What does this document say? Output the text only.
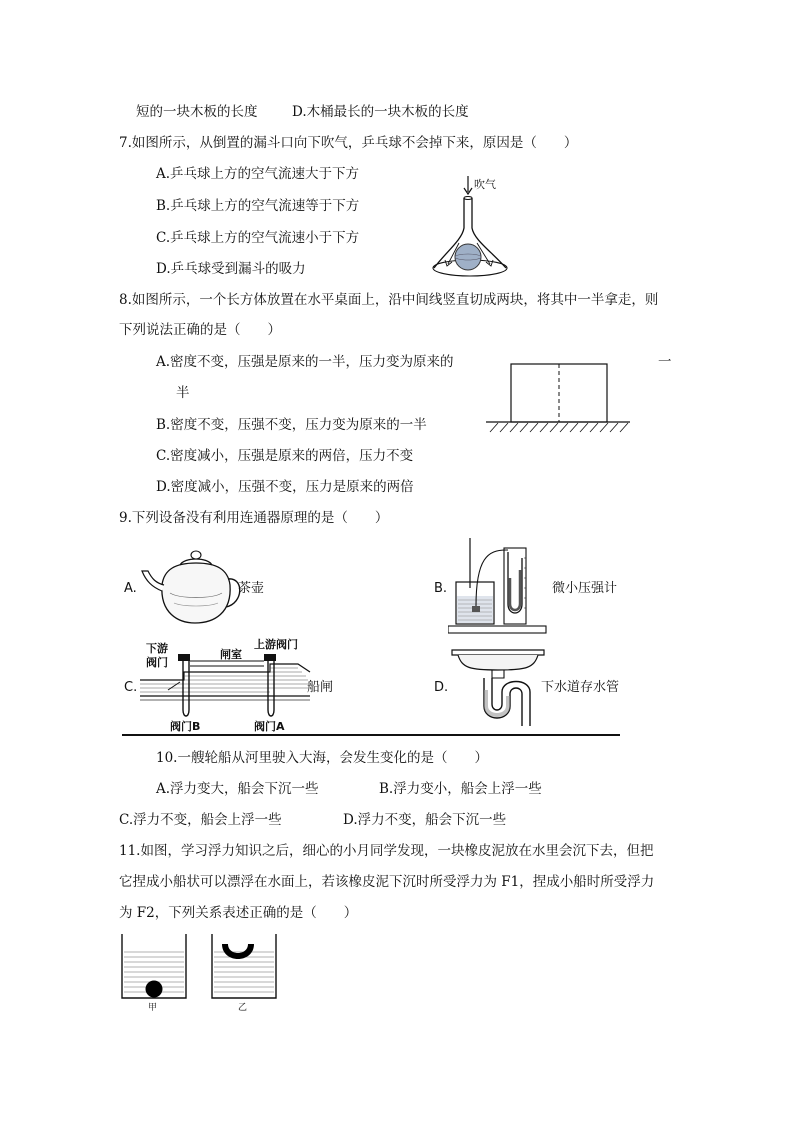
短的一块木板的长度	D.木桶最长的一块木板的长度
7.如图所示，从倒置的漏斗口向下吹气，乒乓球不会掉下来，原因是（　　）
A.乒乓球上方的空气流速大于下方
B.乒乓球上方的空气流速等于下方
C.乒乓球上方的空气流速小于下方
D.乒乓球受到漏斗的吸力
吹气
8.如图所示，一个长方体放置在水平桌面上，沿中间线竖直切成两块，将其中一半拿走，则
下列说法正确的是（　　）
A.密度不变，压强是原来的一半，压力变为原来的	一
半
B.密度不变，压强不变，压力变为原来的一半
C.密度减小，压强是原来的两倍，压力不变
D.密度减小，压强不变，压力是原来的两倍
9.下列设备没有利用连通器原理的是（　　）
A.	茶壶	B.	微小压强计
C.
下游
阀门
闸室
上游阀门
阀门B	阀门A
船闸	D.	下水道存水管
10.一艘轮船从河里驶入大海，会发生变化的是（　　）
A.浮力变大，船会下沉一些	B.浮力变小，船会上浮一些
C.浮力不变，船会上浮一些	D.浮力不变，船会下沉一些
11.如图，学习浮力知识之后，细心的小月同学发现，一块橡皮泥放在水里会沉下去，但把
它捏成小船状可以漂浮在水面上，若该橡皮泥下沉时所受浮力为 F1，捏成小船时所受浮力
为 F2，下列关系表述正确的是（　　）
甲	乙
